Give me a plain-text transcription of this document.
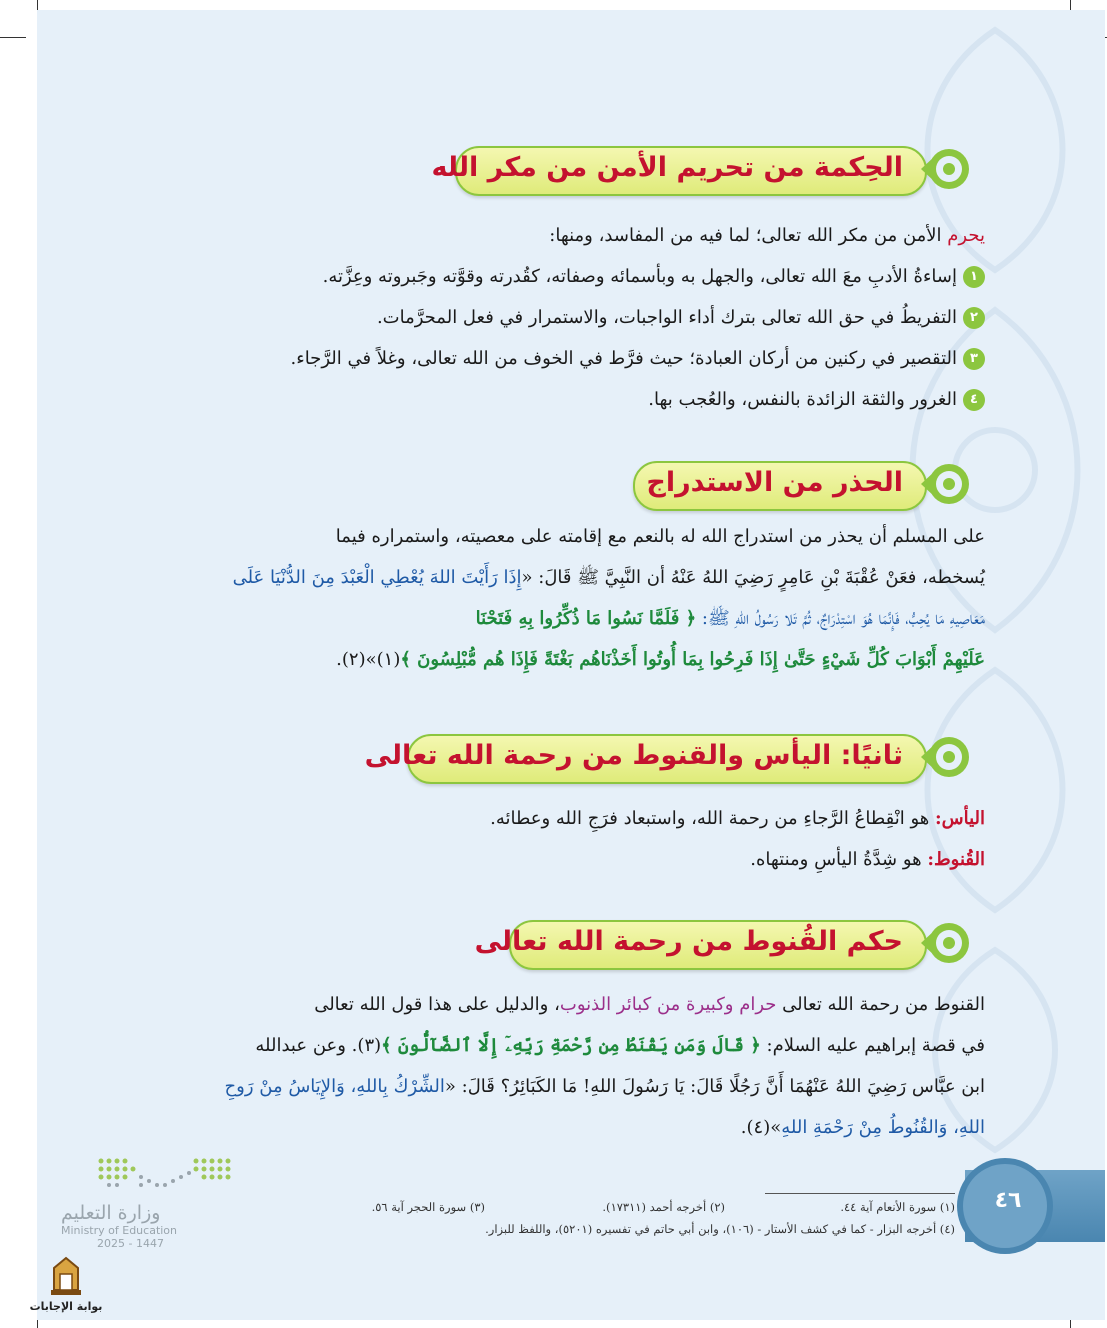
الحِكمة من تحريم الأمن من مكر الله
يحرم الأمن من مكر الله تعالى؛ لما فيه من المفاسد، ومنها:
١إساءةُ الأدبِ معَ الله تعالى، والجهل به وبأسمائه وصفاته، كقُدرته وقوَّته وجَبروته وعِزَّته.
٢التفريطُ في حق الله تعالى بترك أداء الواجبات، والاستمرار في فعل المحرَّمات.
٣التقصير في ركنين من أركان العبادة؛ حيث فرَّط في الخوف من الله تعالى، وغلاً في الرَّجاء.
٤الغرور والثقة الزائدة بالنفس، والعُجب بها.
الحذر من الاستدراج
على المسلم أن يحذر من استدراج الله له بالنعم مع إقامته على معصيته، واستمراره فيما
يُسخطه، فعَنْ عُقْبَةَ بْنِ عَامِرٍ رَضِيَ اللهُ عَنْهُ أن النَّبِيَّ ﷺ قَالَ: «إِذَا رَأَيْتَ اللهَ يُعْطِي الْعَبْدَ مِنَ الدُّنْيَا عَلَى
مَعَاصِيهِ مَا يُحِبُّ، فَإِنَّمَا هُوَ اسْتِدْرَاجٌ، ثُمَّ تَلا رَسُولُ اللهِ ﷺ: ﴿ فَلَمَّا نَسُوا مَا ذُكِّرُوا بِهِ فَتَحْنَا
عَلَيْهِمْ أَبْوَابَ كُلِّ شَيْءٍ حَتَّىٰ إِذَا فَرِحُوا بِمَا أُوتُوا أَخَذْنَاهُم بَغْتَةً فَإِذَا هُم مُّبْلِسُونَ ﴾(١)»(٢).
ثانيًا: اليأس والقنوط من رحمة الله تعالى
اليأس: هو انْقِطاعُ الرَّجاءِ من رحمة الله، واستبعاد فرَجِ الله وعطائه.
القُنوط: هو شِدَّةُ اليأسِ ومنتهاه.
حكم القُنوط من رحمة الله تعالى
القنوط من رحمة الله تعالى حرام وكبيرة من كبائر الذنوب، والدليل على هذا قول الله تعالى
في قصة إبراهيم عليه السلام: ﴿ قَالَ وَمَن يَقْنَطُ مِن رَّحْمَةِ رَبِّهِۦٓ إِلَّا ٱلضَّآلُّونَ ﴾(٣). وعن عبدالله
ابن عبَّاس رَضِيَ اللهُ عَنْهُمَا أَنَّ رَجُلًا قَالَ: يَا رَسُولَ اللهِ! مَا الكَبَائِرُ؟ قَالَ: «الشِّرْكُ بِاللهِ، وَالإِيَاسُ مِنْ رَوحِ
اللهِ، وَالقُنُوطُ مِنْ رَحْمَةِ اللهِ»(٤).
٤٦
(١) سورة الأنعام آية ٤٤.
(٢) أخرجه أحمد (١٧٣١١).
(٣) سورة الحجر آية ٥٦.
(٤) أخرجه البزار - كما في كشف الأستار - (١٠٦)، وابن أبي حاتم في تفسيره (٥٢٠١)، واللفظ للبزار.
وزارة التعليم
Ministry of Education
2025 - 1447
بوابة الإجابات
